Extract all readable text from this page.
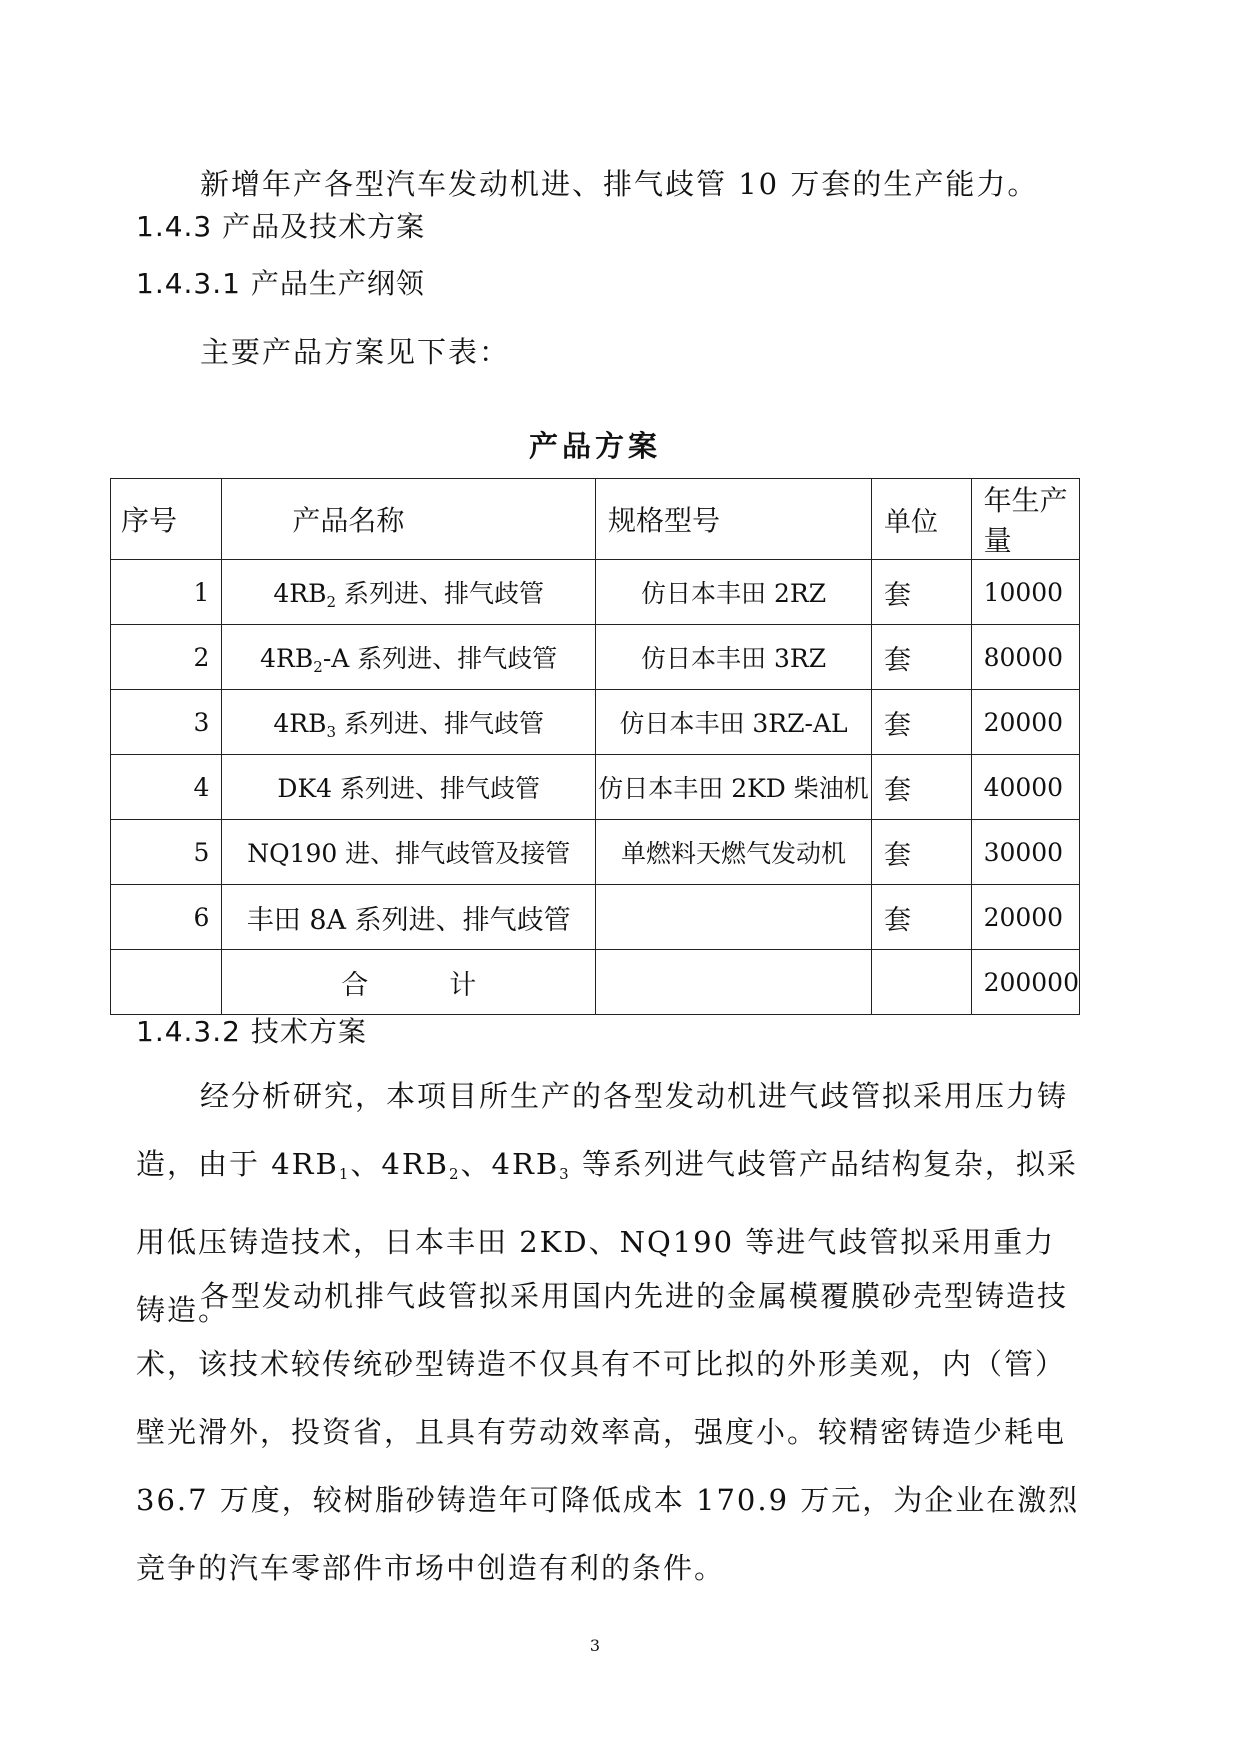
新增年产各型汽车发动机进、排气歧管 10 万套的生产能力。

1.4.3 产品及技术方案
1.4.3.1 产品生产纲领

主要产品方案见下表：

产品方案
序号	产品名称	规格型号	单位	年生产量
1	$4RB_2$ 系列进、排气歧管	仿日本丰田 2RZ	套	10000
2	$4RB_2-A$ 系列进、排气歧管	仿日本丰田 3RZ	套	80000
3	$4RB_3$ 系列进、排气歧管	仿日本丰田 3RZ-AL	套	20000
4	DK4 系列进、排气歧管	仿日本丰田 2KD 柴油机	套	40000
5	NQ190 进、排气歧管及接管	单燃料天燃气发动机	套	30000
6	丰田 8A 系列进、排气歧管		套	20000
	合　　　计			200000
1.4.3.2 技术方案

经分析研究，本项目所生产的各型发动机进气歧管拟采用压力铸造，由于 $4RB_1$、$4RB_2$、$4RB_3$ 等系列进气歧管产品结构复杂，拟采用低压铸造技术，日本丰田 2KD、NQ190 等进气歧管拟采用重力铸造。

各型发动机排气歧管拟采用国内先进的金属模覆膜砂壳型铸造技术，该技术较传统砂型铸造不仅具有不可比拟的外形美观，内（管）壁光滑外，投资省，且具有劳动效率高，强度小。较精密铸造少耗电 36.7 万度，较树脂砂铸造年可降低成本 170.9 万元，为企业在激烈竞争的汽车零部件市场中创造有利的条件。

3
